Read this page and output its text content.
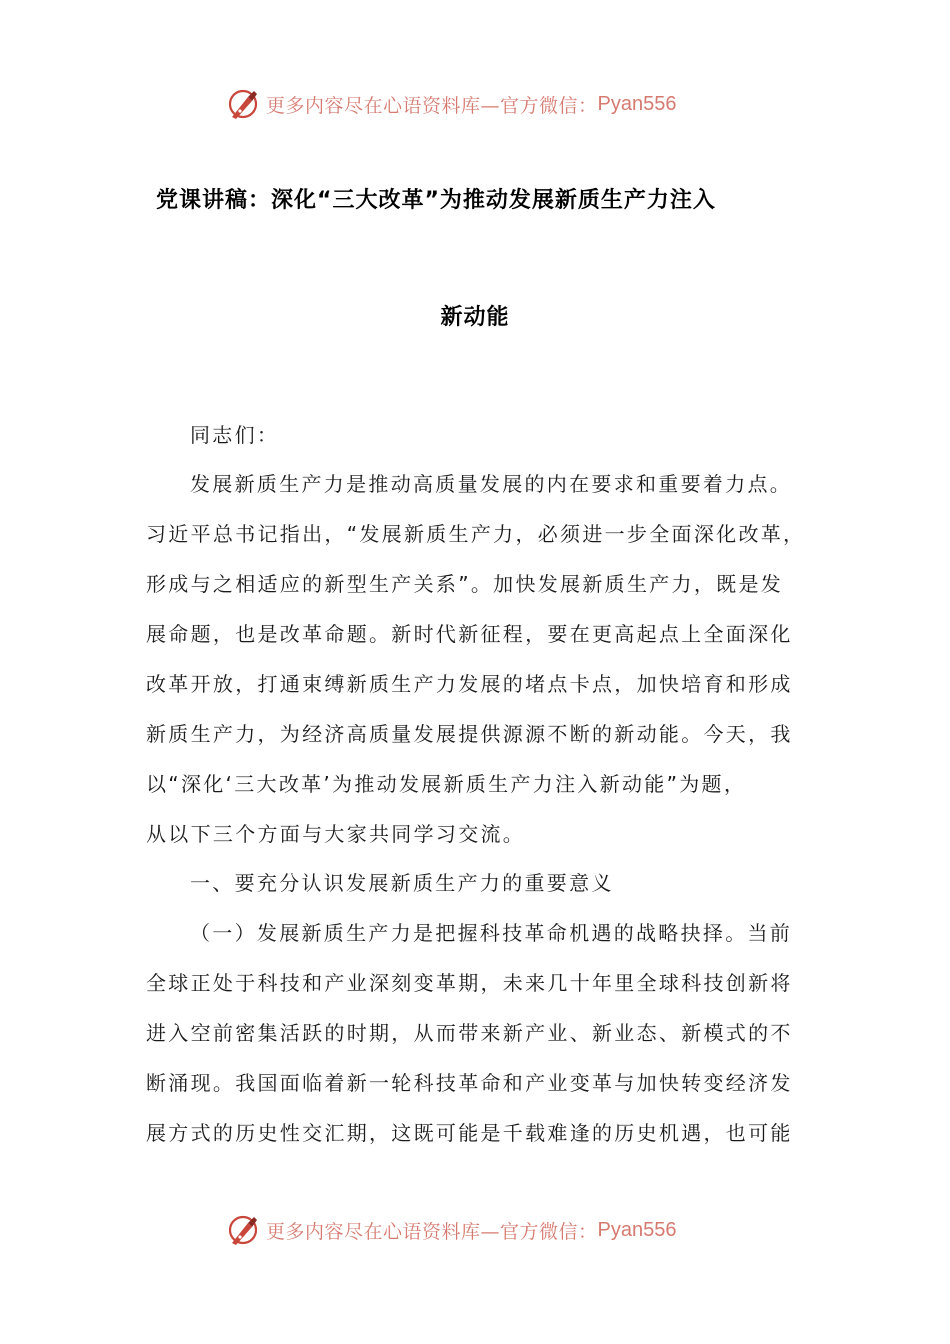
更多内容尽在心语资料库—官方微信： Pyan556
党课讲稿：深化“三大改革”为推动发展新质生产力注入
新动能
同志们：
发展新质生产力是推动高质量发展的内在要求和重要着力点。
习近平总书记指出，“发展新质生产力，必须进一步全面深化改革，
形成与之相适应的新型生产关系”。加快发展新质生产力，既是发
展命题，也是改革命题。新时代新征程，要在更高起点上全面深化
改革开放，打通束缚新质生产力发展的堵点卡点，加快培育和形成
新质生产力，为经济高质量发展提供源源不断的新动能。今天，我
以“深化‘三大改革’为推动发展新质生产力注入新动能”为题，
从以下三个方面与大家共同学习交流。
一、要充分认识发展新质生产力的重要意义
（一）发展新质生产力是把握科技革命机遇的战略抉择。当前
全球正处于科技和产业深刻变革期，未来几十年里全球科技创新将
进入空前密集活跃的时期，从而带来新产业、新业态、新模式的不
断涌现。我国面临着新一轮科技革命和产业变革与加快转变经济发
展方式的历史性交汇期，这既可能是千载难逢的历史机遇，也可能
更多内容尽在心语资料库—官方微信： Pyan556
